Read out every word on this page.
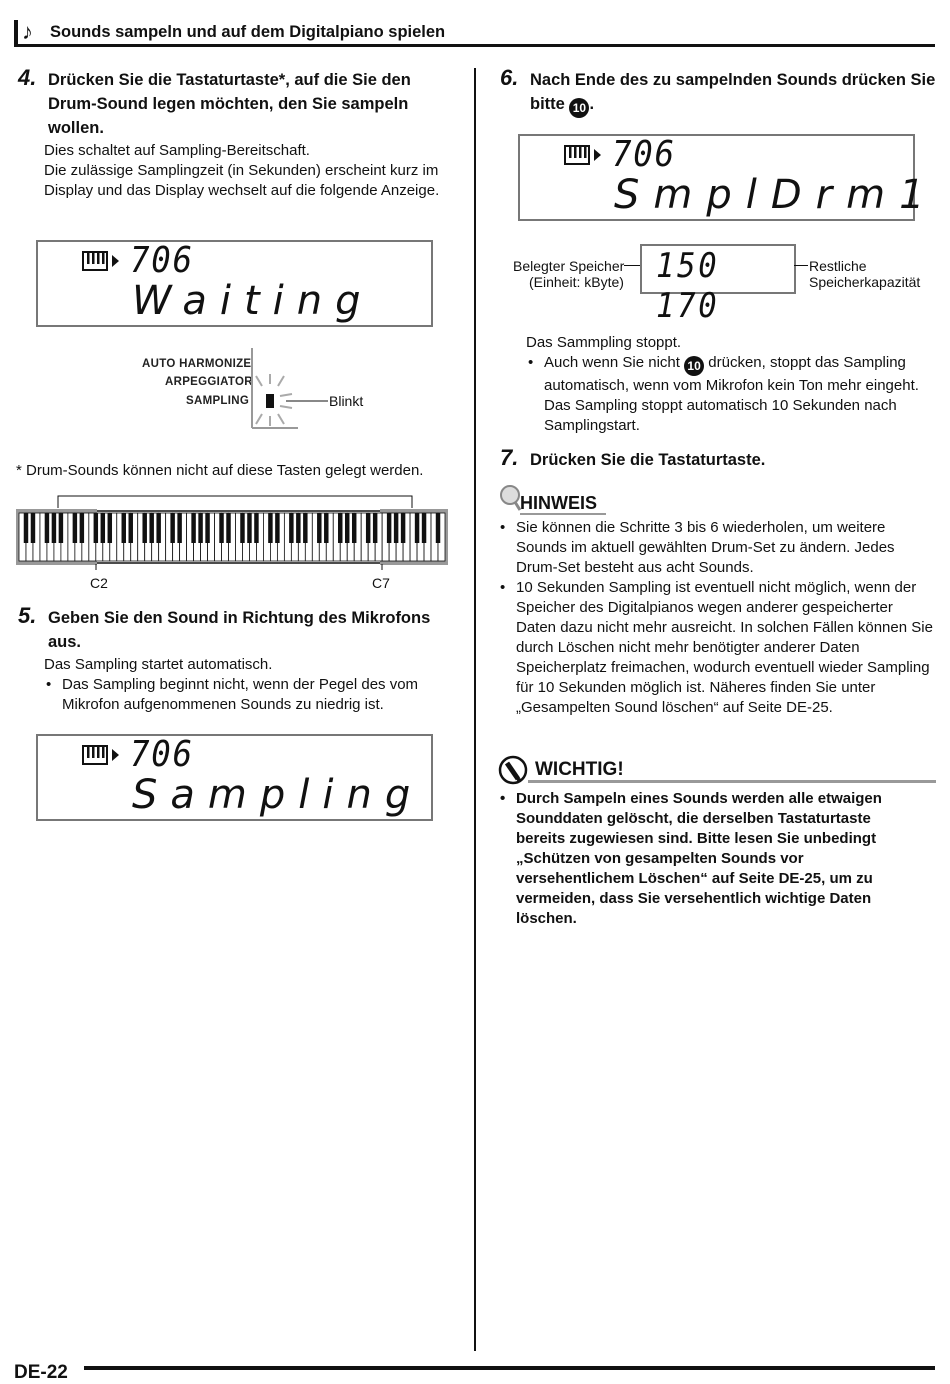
♪ Sounds sampeln und auf dem Digitalpiano spielen
4. Drücken Sie die Tastaturtaste*, auf die Sie den Drum-Sound legen möchten, den Sie sampeln wollen.
Dies schaltet auf Sampling-Bereitschaft.
Die zulässige Samplingzeit (in Sekunden) erscheint kurz im Display und das Display wechselt auf die folgende Anzeige.
706
Waiting
AUTO HARMONIZE
ARPEGGIATOR
SAMPLING	Blinkt
* Drum-Sounds können nicht auf diese Tasten gelegt werden.
C2	C7
5. Geben Sie den Sound in Richtung des Mikrofons aus.
Das Sampling startet automatisch.
• Das Sampling beginnt nicht, wenn der Pegel des vom Mikrofon aufgenommenen Sounds zu niedrig ist.
706
Sampling
6. Nach Ende des zu sampelnden Sounds drücken Sie bitte 10 .
706
SmplDrm1
Belegter Speicher
(Einheit: kByte) 150 170
Restliche
Speicherkapazität
Das Sammpling stoppt.
• Auch wenn Sie nicht 10 drücken, stoppt das Sampling automatisch, wenn vom Mikrofon kein Ton mehr eingeht. Das Sampling stoppt automatisch 10 Sekunden nach Samplingstart.
7. Drücken Sie die Tastaturtaste.
HINWEIS
• Sie können die Schritte 3 bis 6 wiederholen, um weitere Sounds im aktuell gewählten Drum-Set zu ändern. Jedes Drum-Set besteht aus acht Sounds.
• 10 Sekunden Sampling ist eventuell nicht möglich, wenn der Speicher des Digitalpianos wegen anderer gespeicherter Daten dazu nicht mehr ausreicht. In solchen Fällen können Sie durch Löschen nicht mehr benötigter anderer Daten Speicherplatz freimachen, wodurch eventuell wieder Sampling für 10 Sekunden möglich ist. Näheres finden Sie unter „Gesampelten Sound löschen“ auf Seite DE-25.
WICHTIG!
• Durch Sampeln eines Sounds werden alle etwaigen Sounddaten gelöscht, die derselben Tastaturtaste bereits zugewiesen sind. Bitte lesen Sie unbedingt „Schützen von gesampelten Sounds vor versehentlichem Löschen“ auf Seite DE-25, um zu vermeiden, dass Sie versehentlich wichtige Daten löschen.
DE-22
